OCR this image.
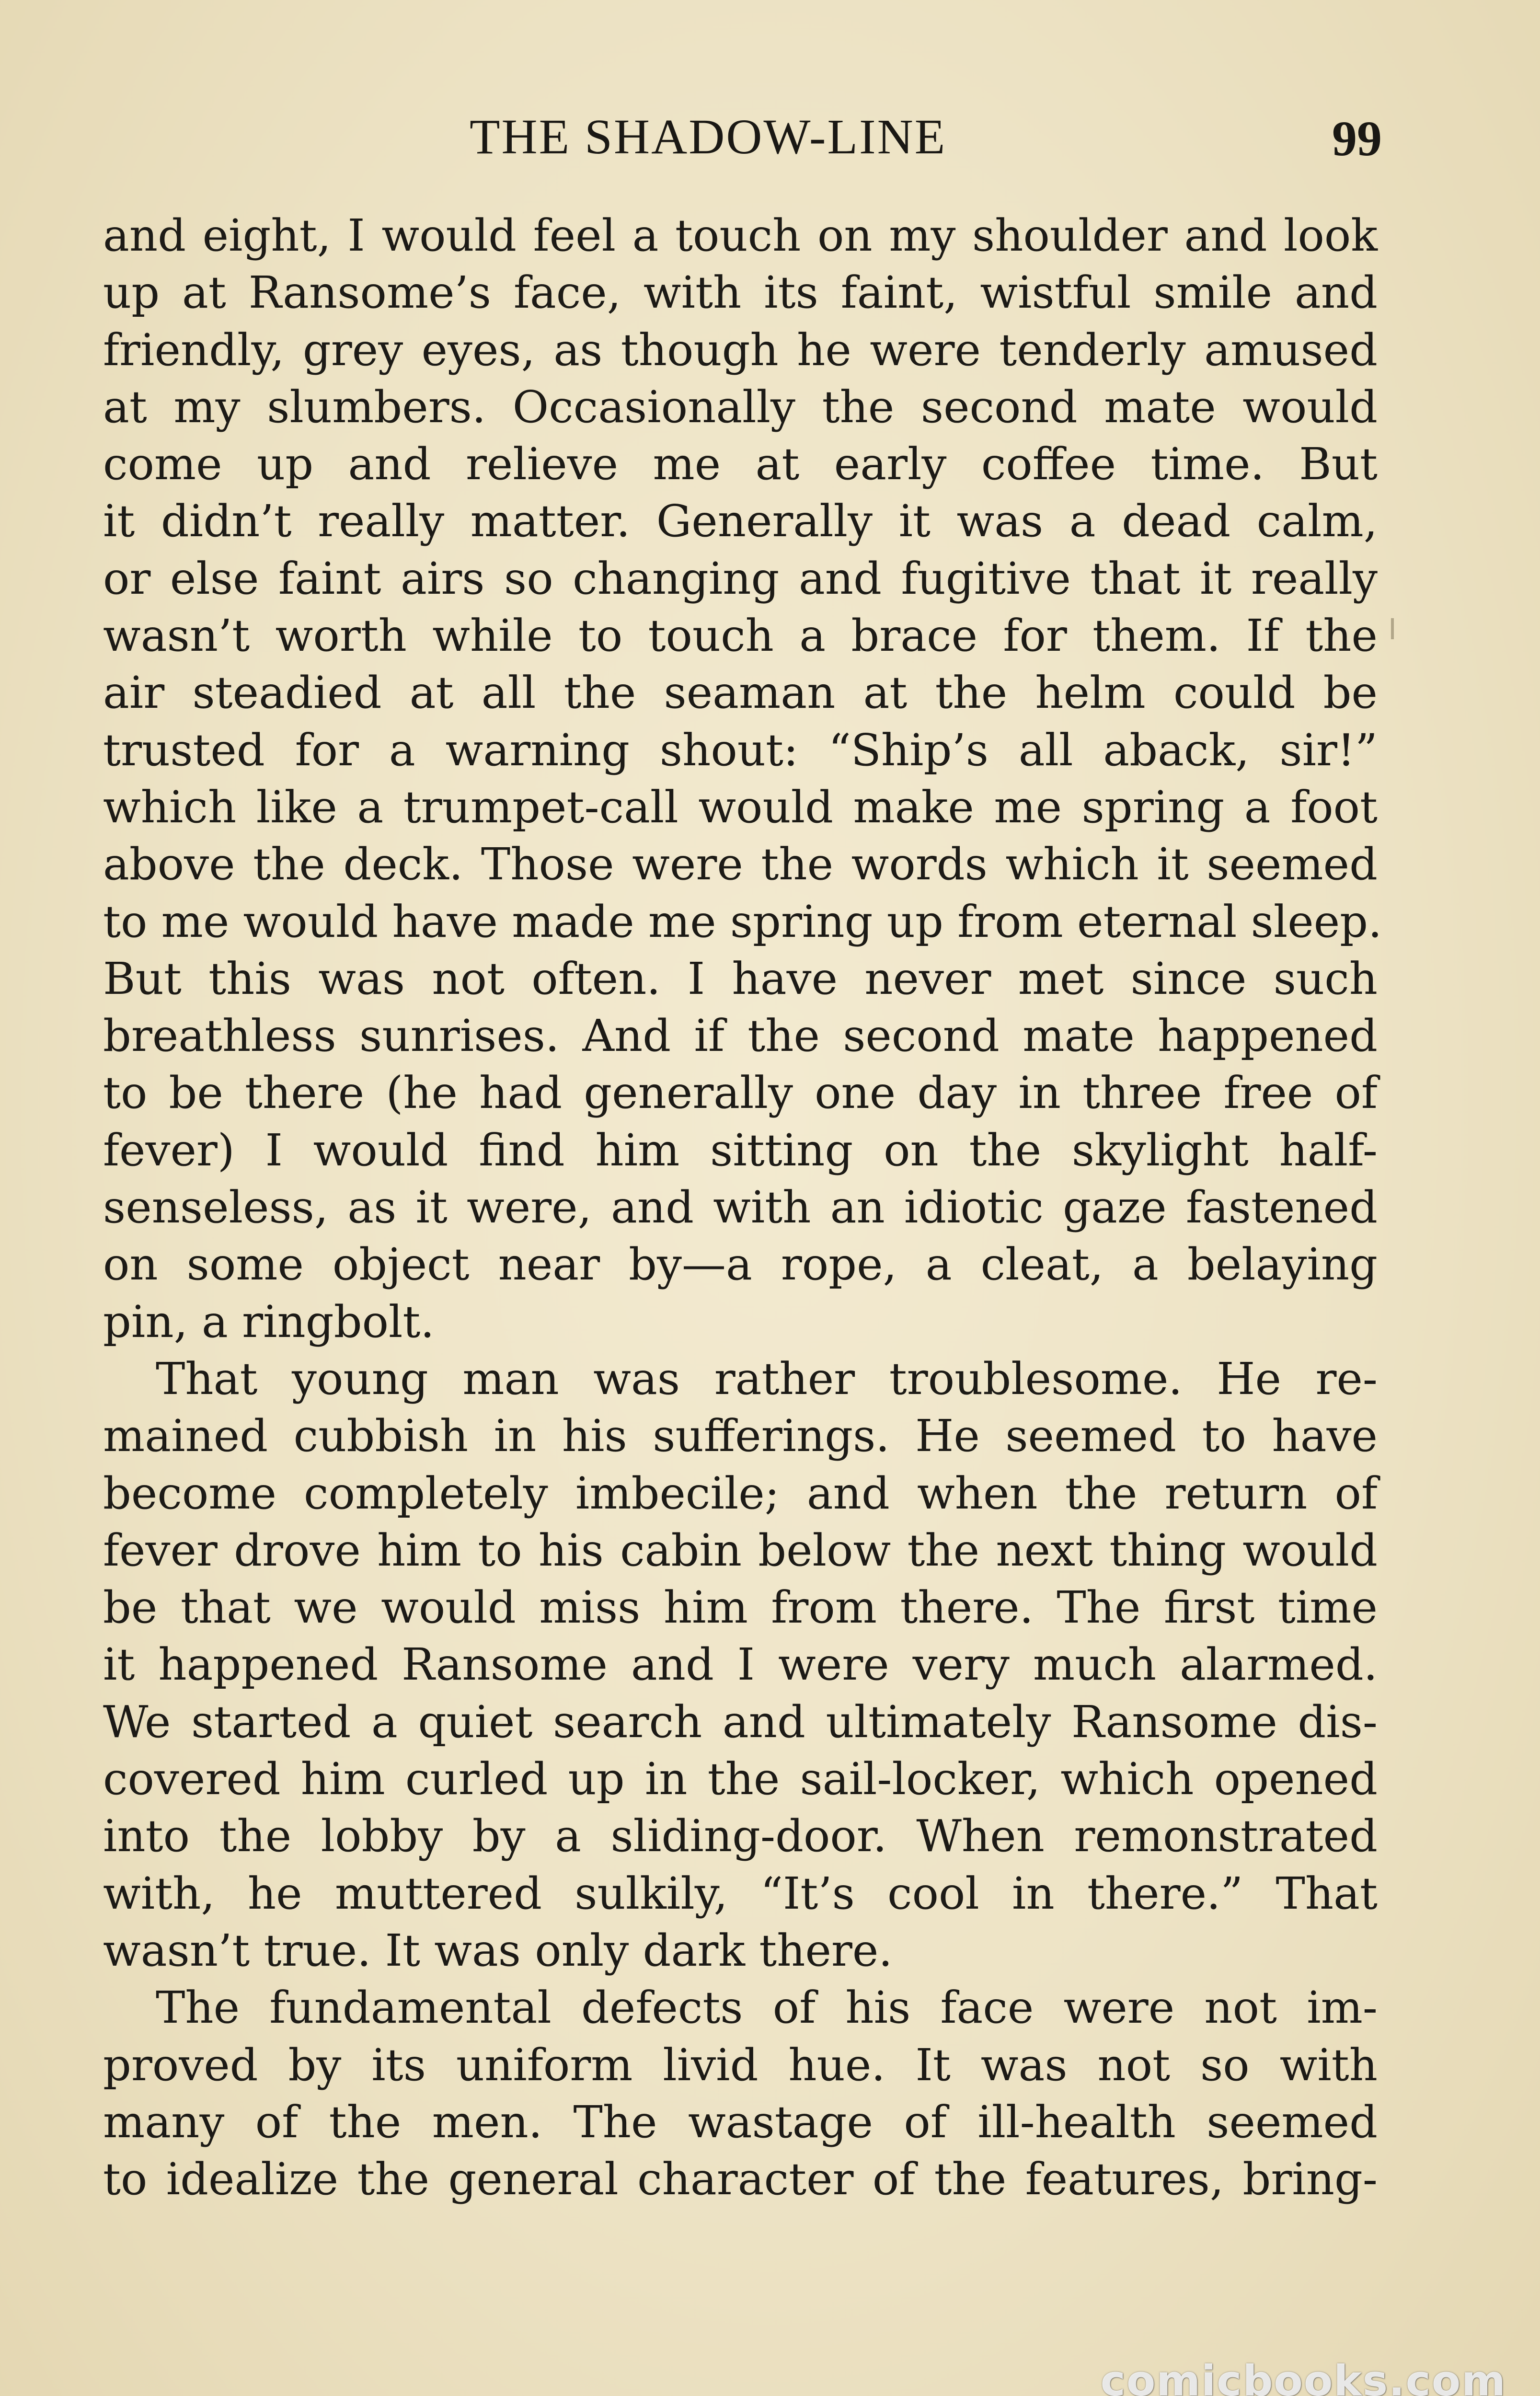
THE SHADOW-LINE	99
and eight, I would feel a touch on my shoulder and look
up at Ransome’s face, with its faint, wistful smile and
friendly, grey eyes, as though he were tenderly amused
at my slumbers. Occasionally the second mate would
come up and relieve me at early coffee time. But
it didn’t really matter. Generally it was a dead calm,
or else faint airs so changing and fugitive that it really
wasn’t worth while to touch a brace for them. If the
air steadied at all the seaman at the helm could be
trusted for a warning shout: “Ship’s all aback, sir!”
which like a trumpet-call would make me spring a foot
above the deck. Those were the words which it seemed
to me would have made me spring up from eternal sleep.
But this was not often. I have never met since such
breathless sunrises. And if the second mate happened
to be there (he had generally one day in three free of
fever) I would find him sitting on the skylight half-
senseless, as it were, and with an idiotic gaze fastened
on some object near by—a rope, a cleat, a belaying
pin, a ringbolt.
That young man was rather troublesome. He re-
mained cubbish in his sufferings. He seemed to have
become completely imbecile; and when the return of
fever drove him to his cabin below the next thing would
be that we would miss him from there. The first time
it happened Ransome and I were very much alarmed.
We started a quiet search and ultimately Ransome dis-
covered him curled up in the sail-locker, which opened
into the lobby by a sliding-door. When remonstrated
with, he muttered sulkily, “It’s cool in there.” That
wasn’t true. It was only dark there.
The fundamental defects of his face were not im-
proved by its uniform livid hue. It was not so with
many of the men. The wastage of ill-health seemed
to idealize the general character of the features, bring-
comicbooks.com
